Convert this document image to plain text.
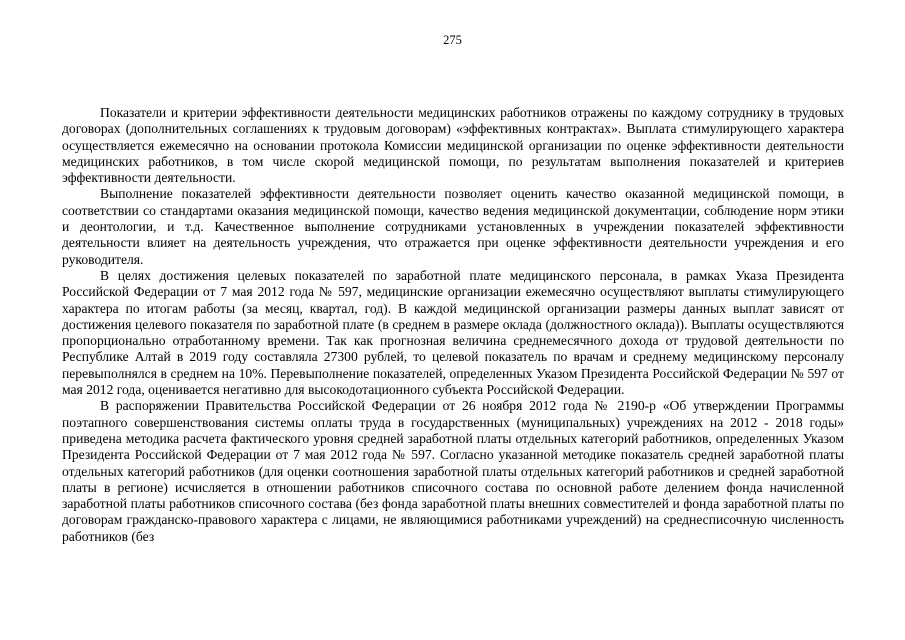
275

Показатели и критерии эффективности деятельности медицинских работников отражены по каждому сотруднику в трудовых договорах (дополнительных соглашениях к трудовым договорам) «эффективных контрактах». Выплата стимулирующего характера осуществляется ежемесячно на основании протокола Комиссии медицинской организации по оценке эффективности деятельности медицинских работников, в том числе скорой медицинской помощи, по результатам выполнения показателей и критериев эффективности деятельности.

Выполнение показателей эффективности деятельности позволяет оценить качество оказанной медицинской помощи, в соответствии со стандартами оказания медицинской помощи, качество ведения медицинской документации, соблюдение норм этики и деонтологии, и т.д. Качественное выполнение сотрудниками установленных в учреждении показателей эффективности деятельности влияет на деятельность учреждения, что отражается при оценке эффективности деятельности учреждения и его руководителя.

В целях достижения целевых показателей по заработной плате медицинского персонала, в рамках Указа Президента Российской Федерации от 7 мая 2012 года № 597, медицинские организации ежемесячно осуществляют выплаты стимулирующего характера по итогам работы (за месяц, квартал, год). В каждой медицинской организации размеры данных выплат зависят от достижения целевого показателя по заработной плате (в среднем в размере оклада (должностного оклада)). Выплаты осуществляются пропорционально отработанному времени. Так как прогнозная величина среднемесячного дохода от трудовой деятельности по Республике Алтай в 2019 году составляла 27300 рублей, то целевой показатель по врачам и среднему медицинскому персоналу перевыполнялся в среднем на 10%. Перевыполнение показателей, определенных Указом Президента Российской Федерации № 597 от мая 2012 года, оценивается негативно для высокодотационного субъекта Российской Федерации.

В распоряжении Правительства Российской Федерации от 26 ноября 2012 года № 2190-р «Об утверждении Программы поэтапного совершенствования системы оплаты труда в государственных (муниципальных) учреждениях на 2012 - 2018 годы» приведена методика расчета фактического уровня средней заработной платы отдельных категорий работников, определенных Указом Президента Российской Федерации от 7 мая 2012 года № 597. Согласно указанной методике показатель средней заработной платы отдельных категорий работников (для оценки соотношения заработной платы отдельных категорий работников и средней заработной платы в регионе) исчисляется в отношении работников списочного состава по основной работе делением фонда начисленной заработной платы работников списочного состава (без фонда заработной платы внешних совместителей и фонда заработной платы по договорам гражданско-правового характера с лицами, не являющимися работниками учреждений) на среднесписочную численность работников (без
